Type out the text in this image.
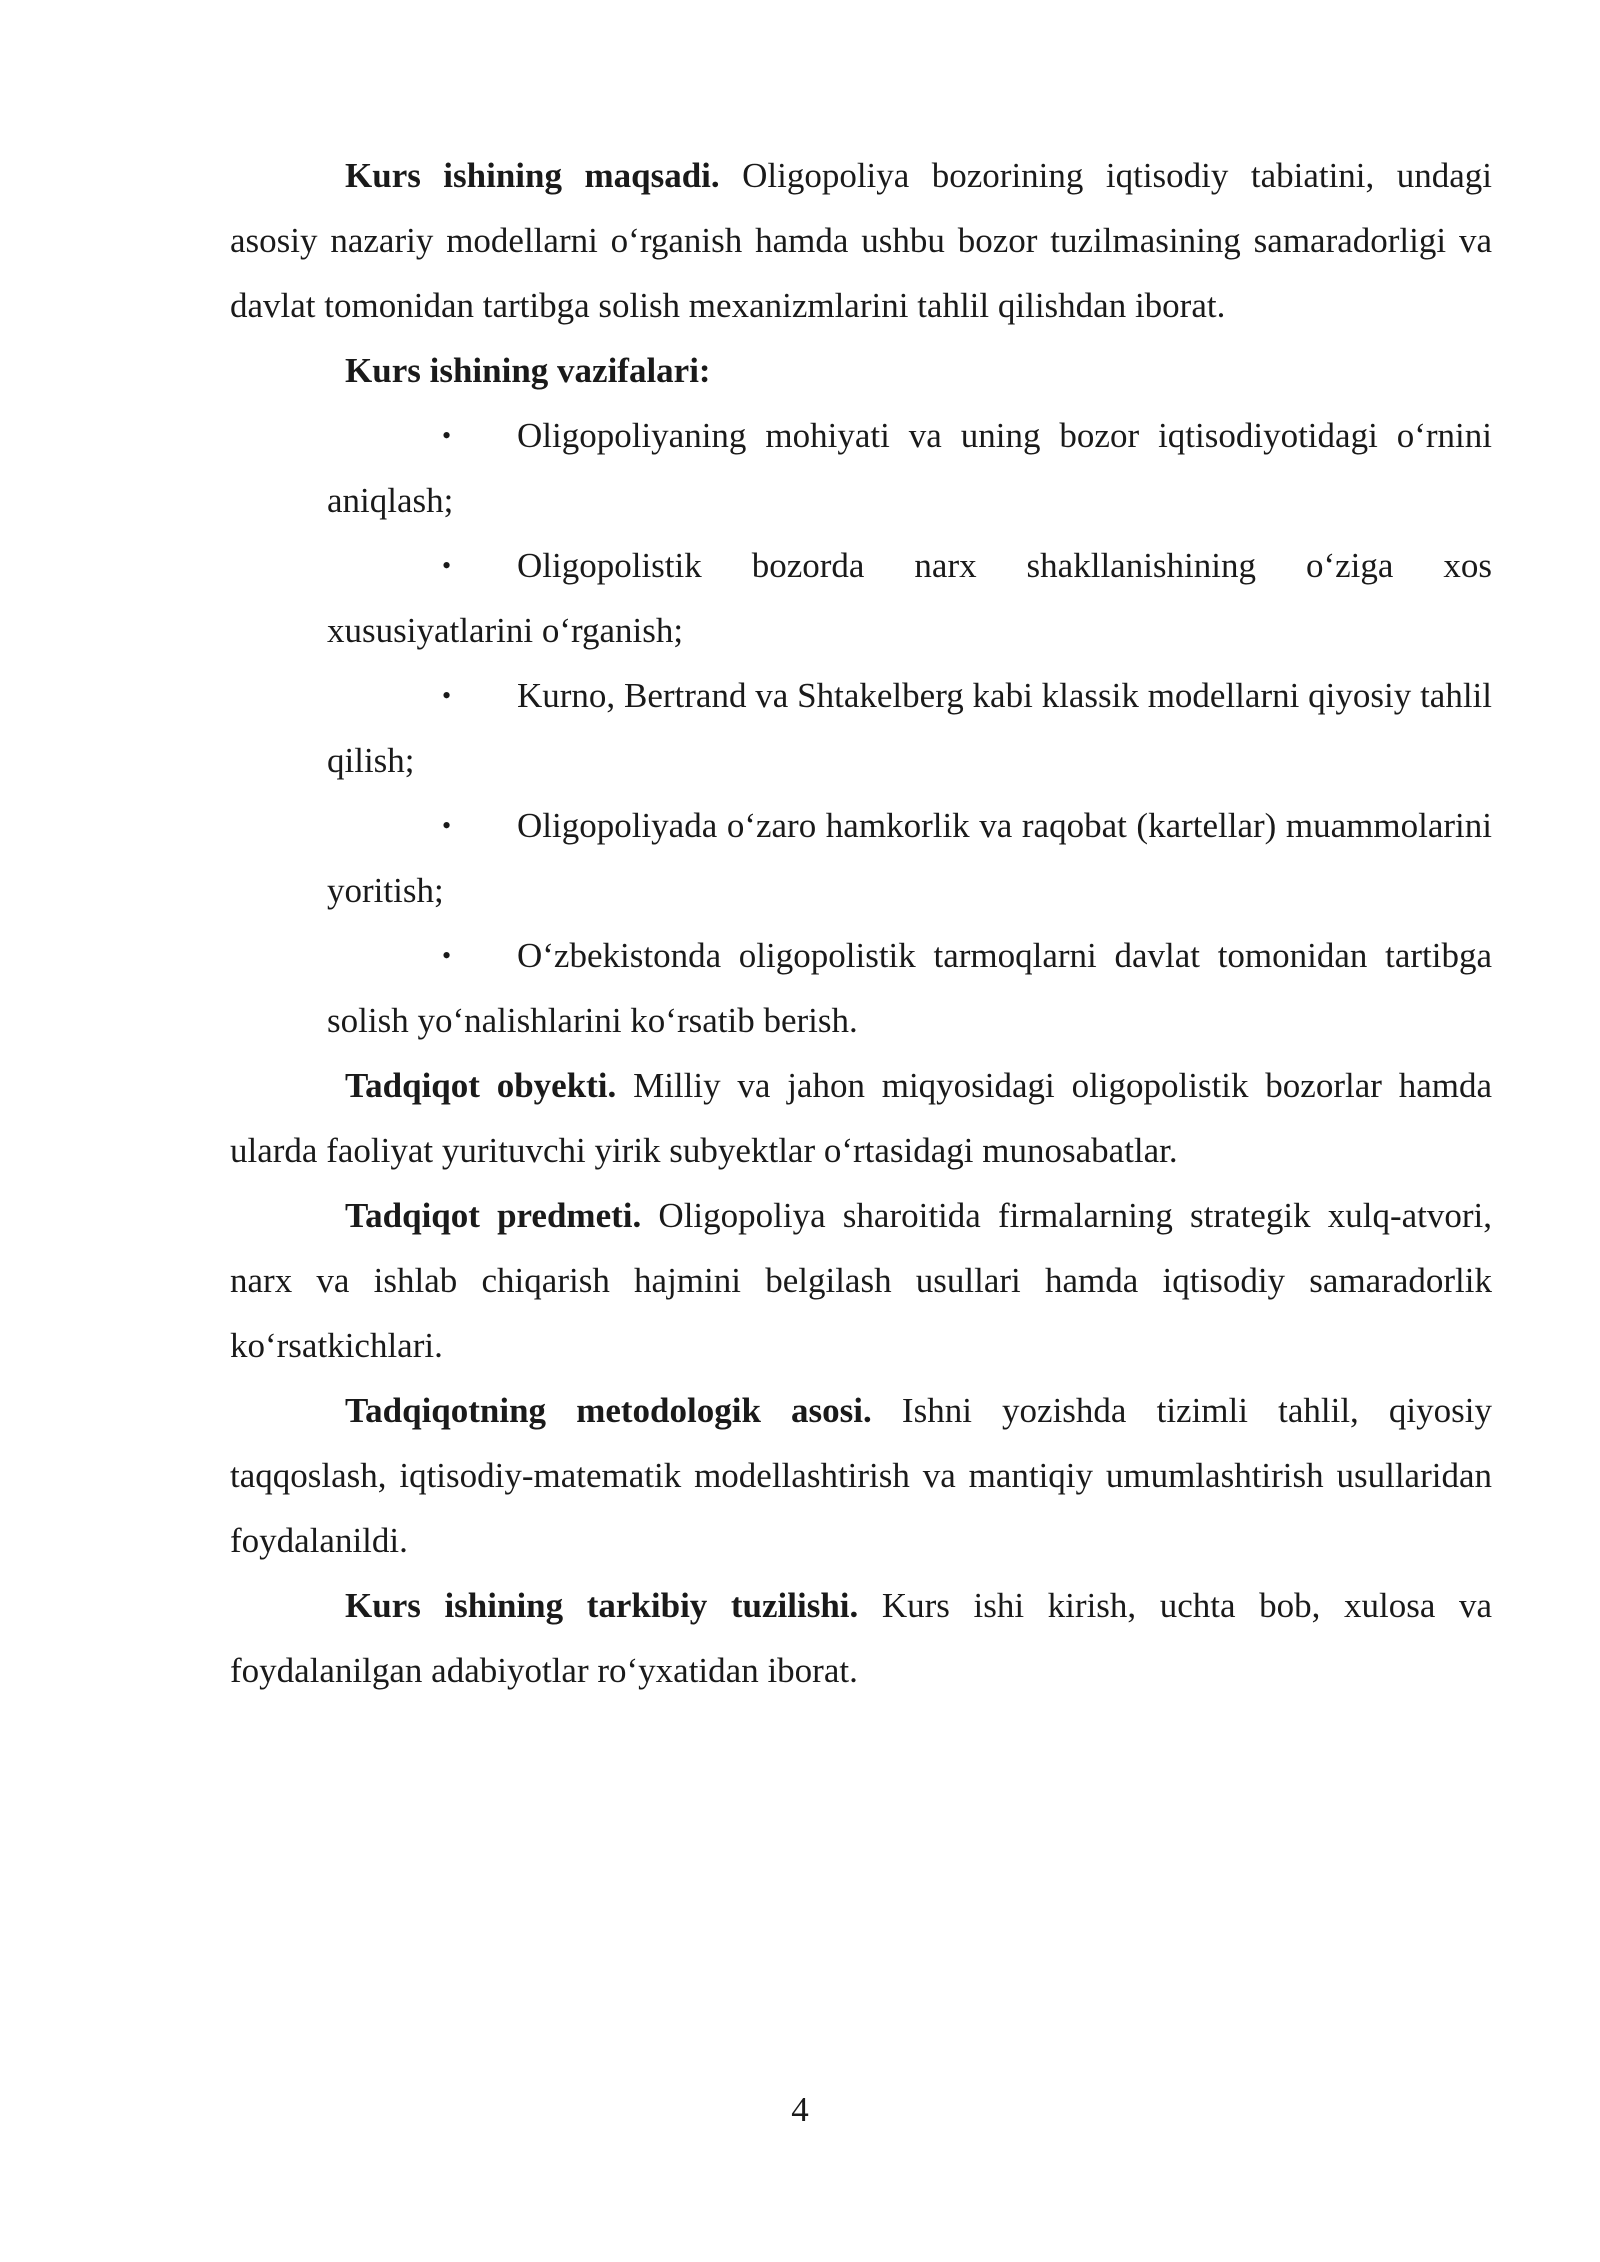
Kurs ishining maqsadi. Oligopoliya bozorining iqtisodiy tabiatini, undagi asosiy nazariy modellarni o‘rganish hamda ushbu bozor tuzilmasining samaradorligi va davlat tomonidan tartibga solish mexanizmlarini tahlil qilishdan iborat.

Kurs ishining vazifalari:

•	Oligopoliyaning mohiyati va uning bozor iqtisodiyotidagi o‘rnini aniqlash;
•	Oligopolistik bozorda narx shakllanishining o‘ziga xos xususiyatlarini o‘rganish;
•	Kurno, Bertrand va Shtakelberg kabi klassik modellarni qiyosiy tahlil qilish;
•	Oligopoliyada o‘zaro hamkorlik va raqobat (kartellar) muammolarini yoritish;
•	O‘zbekistonda oligopolistik tarmoqlarni davlat tomonidan tartibga solish yo‘nalishlarini ko‘rsatib berish.

Tadqiqot obyekti. Milliy va jahon miqyosidagi oligopolistik bozorlar hamda ularda faoliyat yurituvchi yirik subyektlar o‘rtasidagi munosabatlar.

Tadqiqot predmeti. Oligopoliya sharoitida firmalarning strategik xulq-atvori, narx va ishlab chiqarish hajmini belgilash usullari hamda iqtisodiy samaradorlik ko‘rsatkichlari.

Tadqiqotning metodologik asosi. Ishni yozishda tizimli tahlil, qiyosiy taqqoslash, iqtisodiy-matematik modellashtirish va mantiqiy umumlashtirish usullaridan foydalanildi.

Kurs ishining tarkibiy tuzilishi. Kurs ishi kirish, uchta bob, xulosa va foydalanilgan adabiyotlar ro‘yxatidan iborat.

4
